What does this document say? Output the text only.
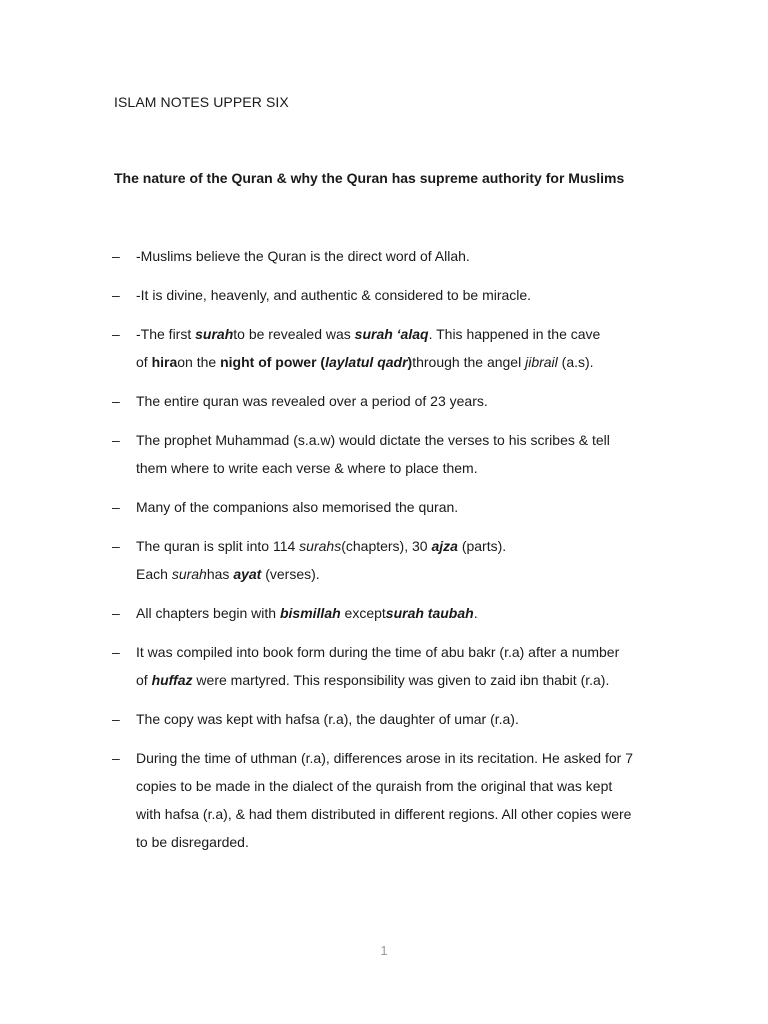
ISLAM NOTES UPPER SIX
The nature of the Quran & why the Quran has supreme authority for Muslims
– -Muslims believe the Quran is the direct word of Allah.
– -It is divine, heavenly, and authentic & considered to be miracle.
– -The first surahto be revealed was surah ‘alaq. This happened in the cave
of hiraon the night of power (laylatul qadr)through the angel jibrail (a.s).
– The entire quran was revealed over a period of 23 years.
– The prophet Muhammad (s.a.w) would dictate the verses to his scribes & tell
them where to write each verse & where to place them.
– Many of the companions also memorised the quran.
– The quran is split into 114 surahs(chapters), 30 ajza (parts).
Each surahhas ayat (verses).
– All chapters begin with bismillah exceptsurah taubah.
– It was compiled into book form during the time of abu bakr (r.a) after a number
of huffaz were martyred. This responsibility was given to zaid ibn thabit (r.a).
– The copy was kept with hafsa (r.a), the daughter of umar (r.a).
– During the time of uthman (r.a), differences arose in its recitation. He asked for 7
copies to be made in the dialect of the quraish from the original that was kept
with hafsa (r.a), & had them distributed in different regions. All other copies were
to be disregarded.
1
